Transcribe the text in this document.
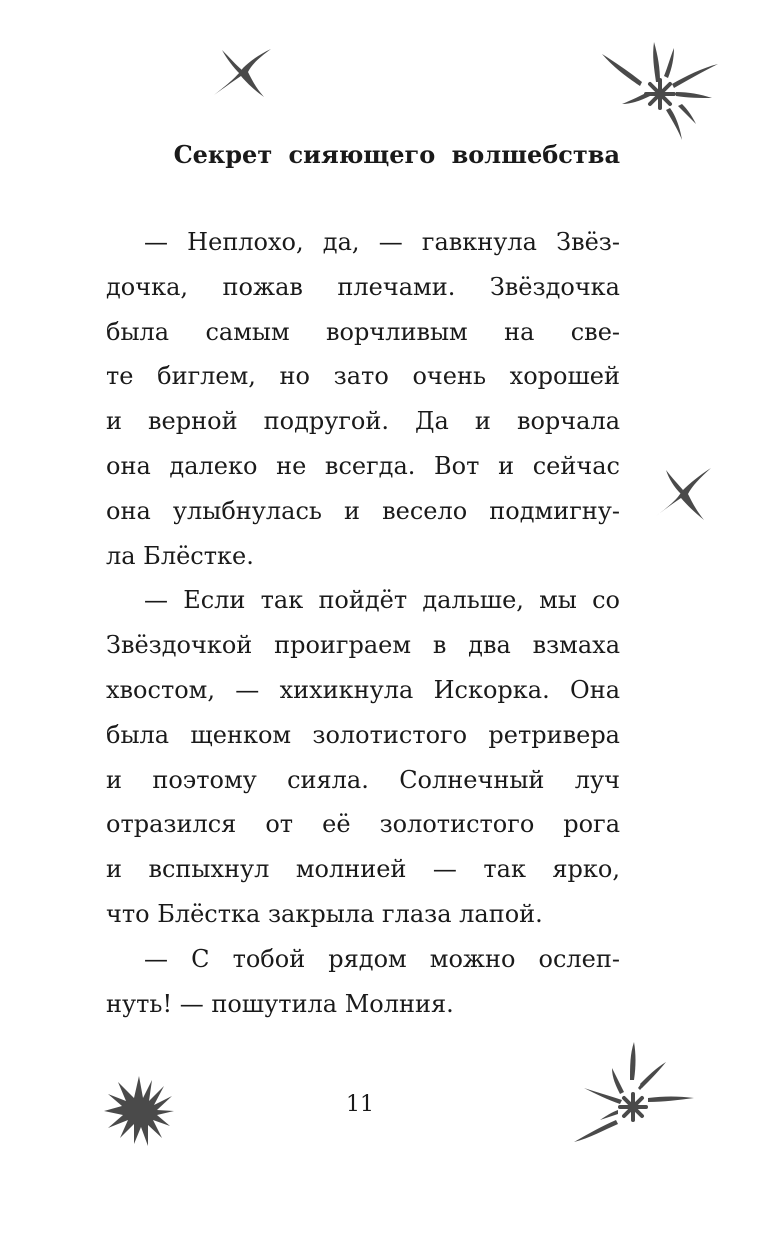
Секрет сияющего волшебства

— Неплохо, да, — гавкнула Звёз-
дочка, пожав плечами. Звёздочка
была самым ворчливым на све-
те биглем, но зато очень хорошей
и верной подругой. Да и ворчала
она далеко не всегда. Вот и сейчас
она улыбнулась и весело подмигну-
ла Блёстке.

— Если так пойдёт дальше, мы со
Звёздочкой проиграем в два взмаха
хвостом, — хихикнула Искорка. Она
была щенком золотистого ретривера
и поэтому сияла. Солнечный луч
отразился от её золотистого рога
и вспыхнул молнией — так ярко,
что Блёстка закрыла глаза лапой.

— С тобой рядом можно ослеп-
нуть! — пошутила Молния.

11
